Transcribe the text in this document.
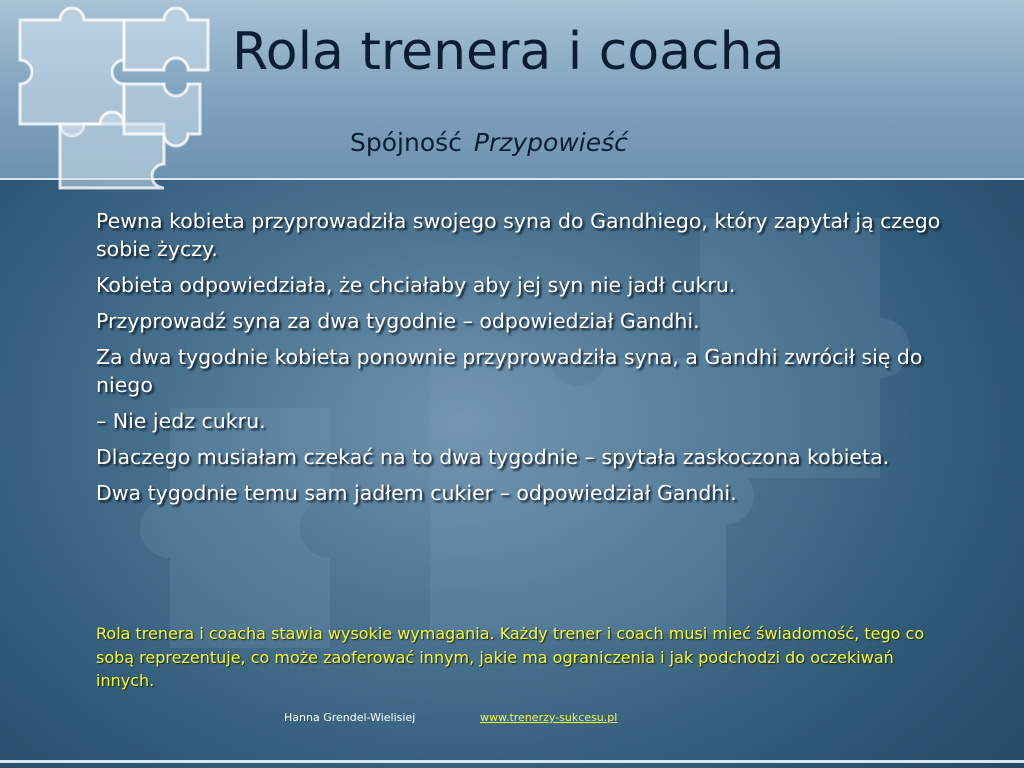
Rola trenera i coacha
Spójność Przypowieść

Pewna kobieta przyprowadziła swojego syna do Gandhiego, który zapytał ją czego sobie życzy.

Kobieta odpowiedziała, że chciałaby aby jej syn nie jadł cukru.

Przyprowadź syna za dwa tygodnie – odpowiedział Gandhi.

Za dwa tygodnie kobieta ponownie przyprowadziła syna, a Gandhi zwrócił się do niego

– Nie jedz cukru.

Dlaczego musiałam czekać na to dwa tygodnie – spytała zaskoczona kobieta.

Dwa tygodnie temu sam jadłem cukier – odpowiedział Gandhi.

Rola trenera i coacha stawia wysokie wymagania. Każdy trener i coach musi mieć świadomość, tego co sobą reprezentuje, co może zaoferować innym, jakie ma ograniczenia i jak podchodzi do oczekiwań innych.
Hanna Grendel-Wielisiej	www.trenerzy-sukcesu.pl
